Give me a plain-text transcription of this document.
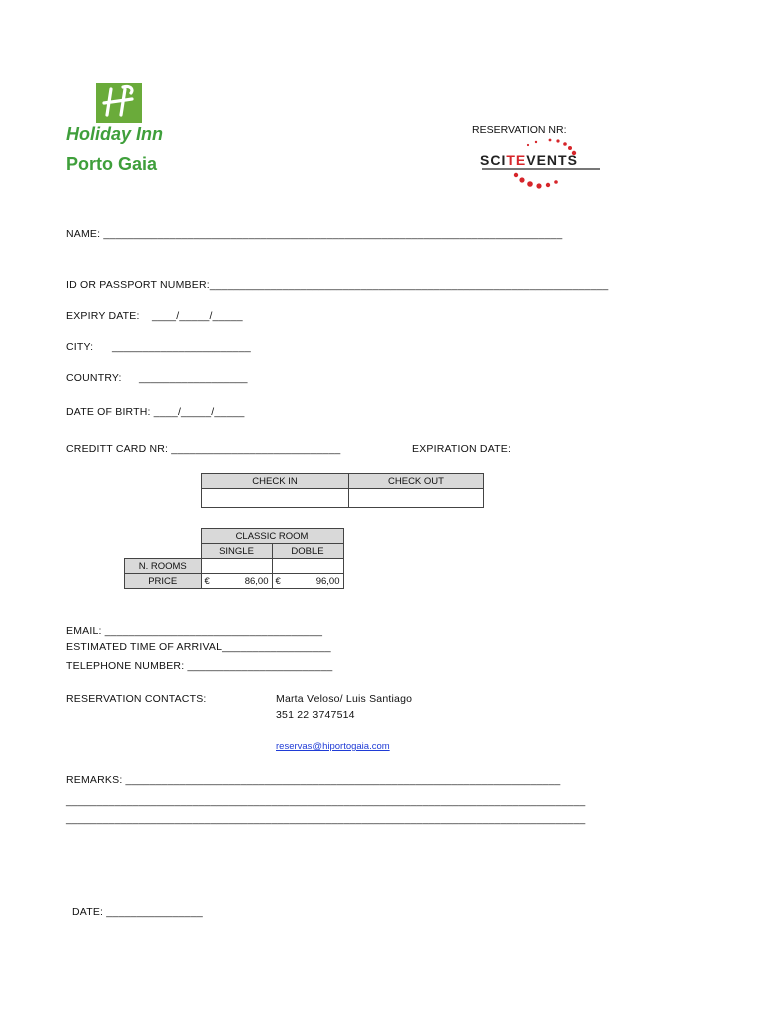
Holiday Inn
Porto Gaia
RESERVATION NR:
SCITEVENTS
NAME: ____________________________________________________________________________
ID OR PASSPORT NUMBER:__________________________________________________________________
EXPIRY DATE:    ____/_____/_____
CITY: _______________________
COUNTRY: __________________
DATE OF BIRTH: ____/_____/_____
CREDITT CARD NR: ____________________________	EXPIRATION DATE:
CHECK IN	CHECK OUT

	CLASSIC ROOM	
	SINGLE	DOBLE
N. ROOMS		
PRICE	€ 86,00	€ 96,00
EMAIL: ____________________________________
ESTIMATED TIME OF ARRIVAL__________________
TELEPHONE NUMBER: ________________________
RESERVATION CONTACTS:	Marta Veloso/ Luis Santiago
351 22 3747514
reservas@hiportogaia.com
REMARKS: ________________________________________________________________________
______________________________________________________________________________________
______________________________________________________________________________________
DATE: ________________
